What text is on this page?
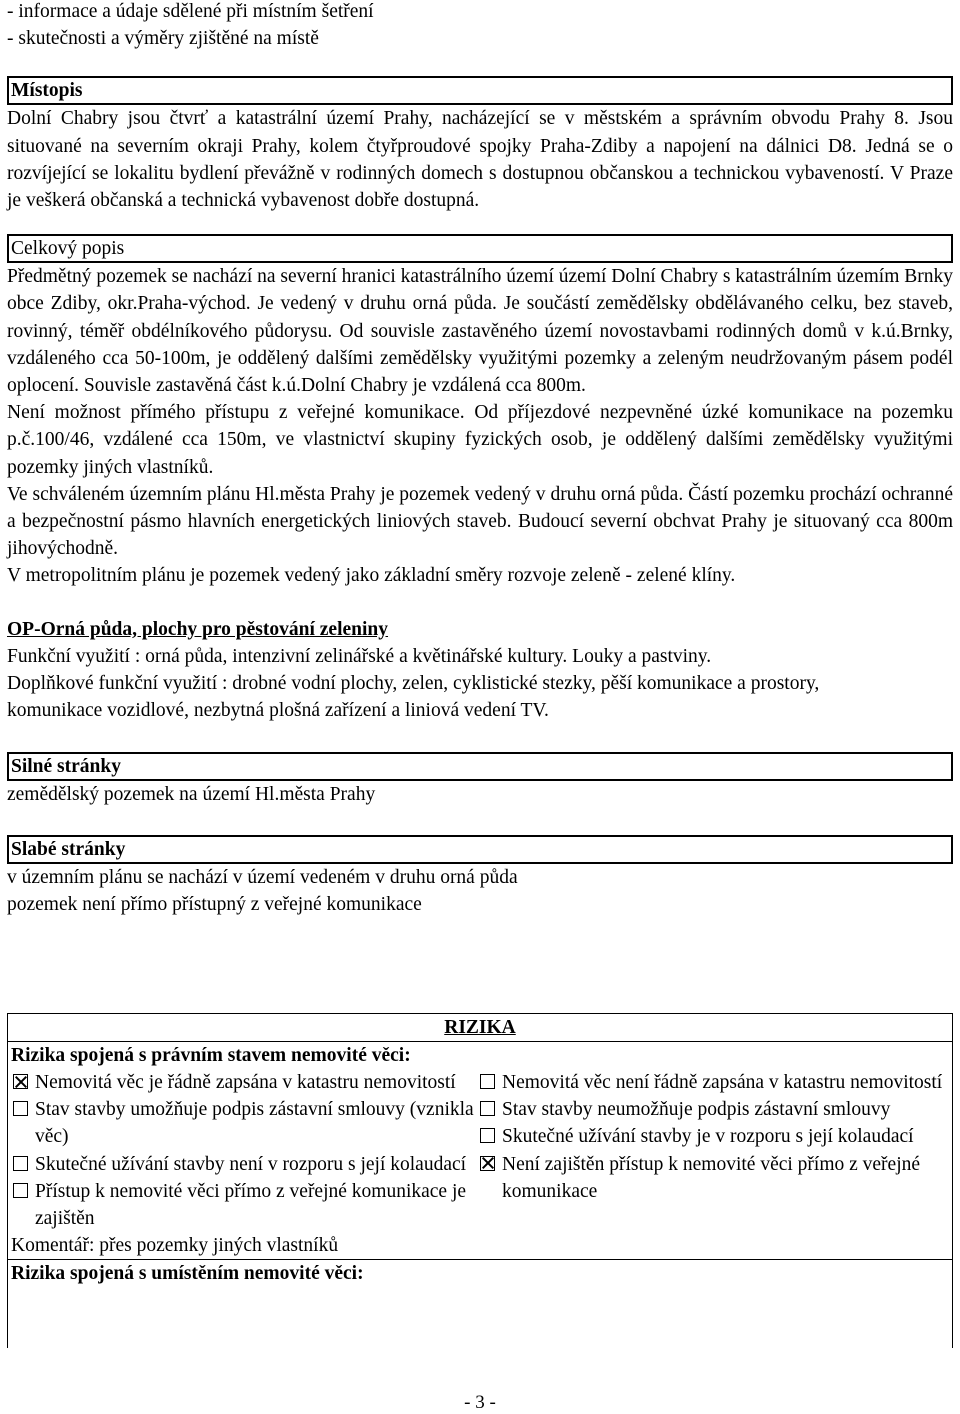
- informace a údaje sdělené při místním šetření

- skutečnosti a výměry zjištěné na místě

Místopis

Dolní Chabry jsou čtvrť a katastrální území Prahy, nacházející se v městském a správním obvodu Prahy 8. Jsou situované na severním okraji Prahy, kolem čtyřproudové spojky Praha-Zdiby a napojení na dálnici D8. Jedná se o rozvíjející se lokalitu bydlení převážně v rodinných domech s dostupnou občanskou a technickou vybaveností. V Praze je veškerá občanská a technická vybavenost dobře dostupná.

Celkový popis

Předmětný pozemek se nachází na severní hranici katastrálního území území Dolní Chabry s katastrálním územím Brnky obce Zdiby, okr.Praha-východ. Je vedený v druhu orná půda. Je součástí zemědělsky obdělávaného celku, bez staveb, rovinný, téměř obdélníkového půdorysu. Od souvisle zastavěného území novostavbami rodinných domů v k.ú.Brnky, vzdáleného cca 50-100m, je oddělený dalšími zemědělsky využitými pozemky a zeleným neudržovaným pásem podél oplocení. Souvisle zastavěná část k.ú.Dolní Chabry je vzdálená cca 800m.

Není možnost přímého přístupu z veřejné komunikace. Od příjezdové nezpevněné úzké komunikace na pozemku p.č.100/46, vzdálené cca 150m, ve vlastnictví skupiny fyzických osob, je oddělený dalšími zemědělsky využitými pozemky jiných vlastníků.

Ve schváleném územním plánu Hl.města Prahy je pozemek vedený v druhu orná půda. Částí pozemku prochází ochranné a bezpečnostní pásmo hlavních energetických liniových staveb. Budoucí severní obchvat Prahy je situovaný cca 800m jihovýchodně.

V metropolitním plánu je pozemek vedený jako základní směry rozvoje zeleně - zelené klíny.

OP-Orná půda, plochy pro pěstování zeleniny

Funkční využití : orná půda, intenzivní zelinářské a květinářské kultury. Louky a pastviny.

Doplňkové funkční využití : drobné vodní plochy, zelen, cyklistické stezky, pěší komunikace a prostory, komunikace vozidlové, nezbytná plošná zařízení a liniová vedení TV.

Silné stránky

zemědělský pozemek na území Hl.města Prahy

Slabé stránky

v územním plánu se nachází v území vedeném v druhu orná půda

pozemek není přímo přístupný z veřejné komunikace

RIZIKA
Rizika spojená s právním stavem nemovité věci:
Nemovitá věc je řádně zapsána v katastru nemovitostí
Stav stavby umožňuje podpis zástavní smlouvy (vznikla věc)
Skutečné užívání stavby není v rozporu s její kolaudací
Přístup k nemovité věci přímo z veřejné komunikace je zajištěn
Nemovitá věc není řádně zapsána v katastru nemovitostí
Stav stavby neumožňuje podpis zástavní smlouvy
Skutečné užívání stavby je v rozporu s její kolaudací
Není zajištěn přístup k nemovité věci přímo z veřejné komunikace
Komentář: přes pozemky jiných vlastníků
Rizika spojená s umístěním nemovité věci:
- 3 -
